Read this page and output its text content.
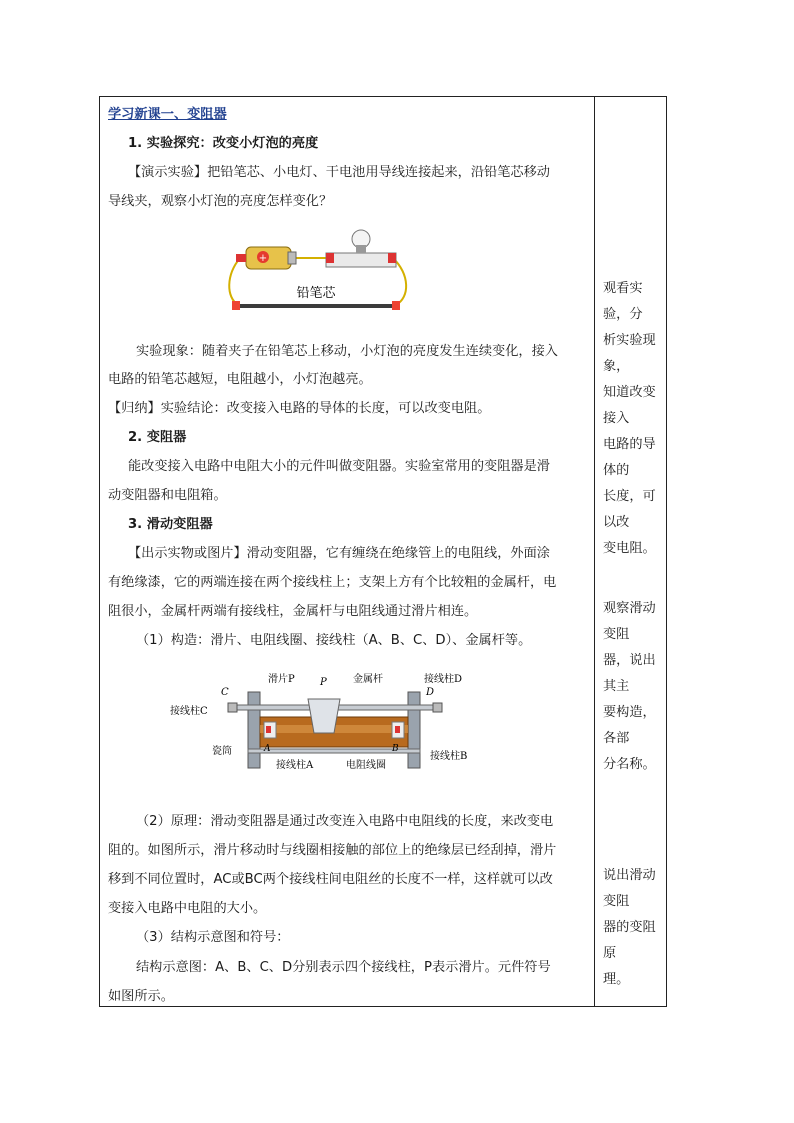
学习新课一、变阻器
1. 实验探究：改变小灯泡的亮度
【演示实验】把铅笔芯、小电灯、干电池用导线连接起来，沿铅笔芯移动
导线夹，观察小灯泡的亮度怎样变化？
+
铅笔芯
实验现象：随着夹子在铅笔芯上移动，小灯泡的亮度发生连续变化，接入
电路的铅笔芯越短，电阻越小，小灯泡越亮。
【归纳】实验结论：改变接入电路的导体的长度，可以改变电阻。
2. 变阻器
能改变接入电路中电阻大小的元件叫做变阻器。实验室常用的变阻器是滑
动变阻器和电阻箱。
3. 滑动变阻器
【出示实物或图片】滑动变阻器，它有缠绕在绝缘管上的电阻线，外面涂
有绝缘漆，它的两端连接在两个接线柱上；支架上方有个比较粗的金属杆，电
阻很小，金属杆两端有接线柱，金属杆与电阻线通过滑片相连。
（1）构造：滑片、电阻线圈、接线柱（A、B、C、D）、金属杆等。
滑片P	P	金属杆	接线柱D
C	D
接线柱C
A	B
瓷筒
接线柱A	电阻线圈
接线柱B
（2）原理：滑动变阻器是通过改变连入电路中电阻线的长度，来改变电
阻的。如图所示，滑片移动时与线圈相接触的部位上的绝缘层已经刮掉，滑片
移到不同位置时，AC或BC两个接线柱间电阻丝的长度不一样，这样就可以改
变接入电路中电阻的大小。
（3）结构示意图和符号：
结构示意图：A、B、C、D分别表示四个接线柱，P表示滑片。元件符号
如图所示。
观看实验，分
析实验现象，
知道改变接入
电路的导体的
长度，可以改
变电阻。
观察滑动变阻
器，说出其主
要构造，各部
分名称。
说出滑动变阻
器的变阻原
理。
